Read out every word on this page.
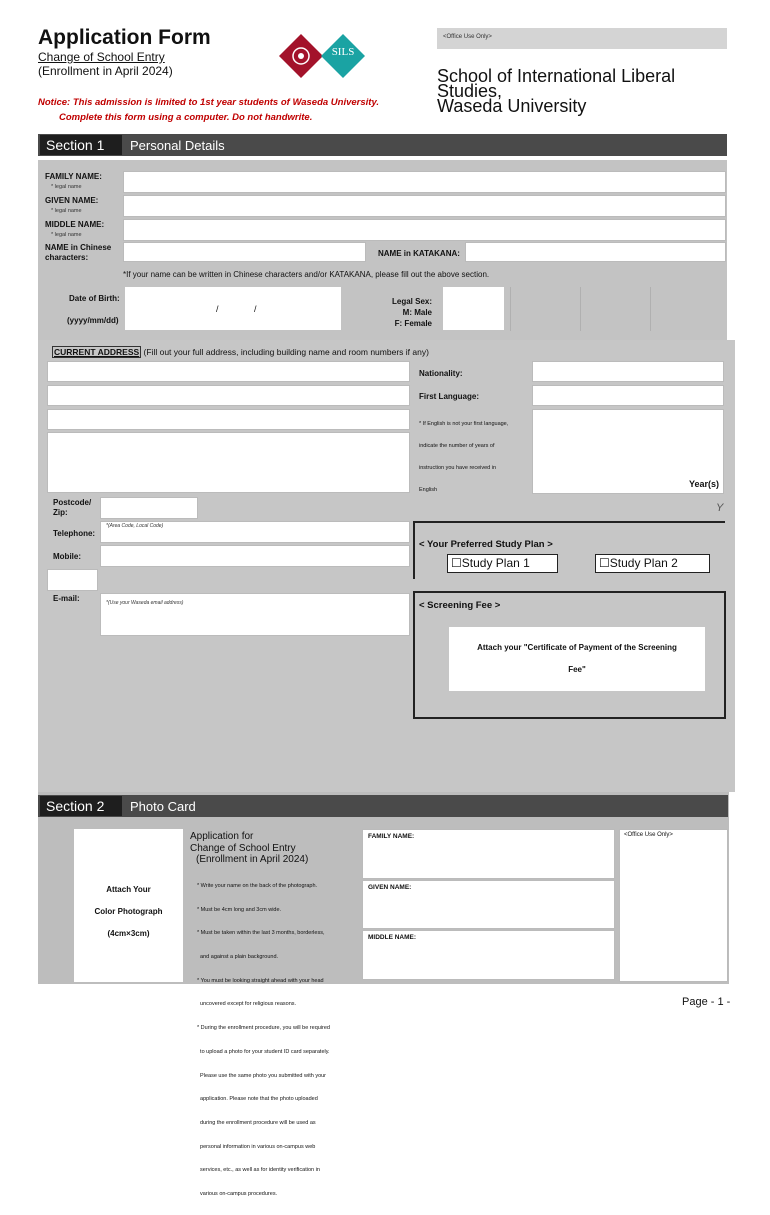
Application Form
Change of School Entry
(Enrollment in April 2024)
SILS
<Office Use Only>
School of International Liberal
Studies,
Waseda University
Notice: This admission is limited to 1st year students of Waseda University.
Complete this form using a computer. Do not handwrite.
Section 1	Personal Details
FAMILY NAME:
* legal name
GIVEN NAME:
* legal name
MIDDLE NAME:
* legal name
NAME in Chinese
characters:	NAME in KATAKANA:
*If your name can be written in Chinese characters and/or KATAKANA, please fill out the above section.
Date of Birth:
(yyyy/mm/dd)
/	/
Legal Sex:
M: Male
F: Female
CURRENT ADDRESS (Fill out your full address, including building name and room numbers if any)
Nationality:
First Language:
* If English is not your first language,
indicate the number of years of
instruction you have received in
English
Year(s)
Y
Postcode/
Zip:
Telephone:
*(Area Code, Local Code)
Mobile:
E-mail:	*(Use your Waseda email address)
< Your Preferred Study Plan >
☐Study Plan 1	☐Study Plan 2
< Screening Fee >
Attach your "Certificate of Payment of the Screening
Fee"
Section 2	Photo Card
Attach Your
Color Photograph
(4cm×3cm)
Application for
Change of School Entry
(Enrollment in April 2024)

* Write your name on the back of the photograph.

* Must be 4cm long and 3cm wide.

* Must be taken within the last 3 months, borderless,

and against a plain background.

* You must be looking straight ahead with your head

uncovered except for religious reasons.

* During the enrollment procedure, you will be required

to upload a photo for your student ID card separately.

Please use the same photo you submitted with your

application. Please note that the photo uploaded

during the enrollment procedure will be used as

personal information in various on-campus web

services, etc., as well as for identity verification in

various on-campus procedures.

FAMILY NAME:
GIVEN NAME:
MIDDLE NAME:
<Office Use Only>
Page - 1 -
